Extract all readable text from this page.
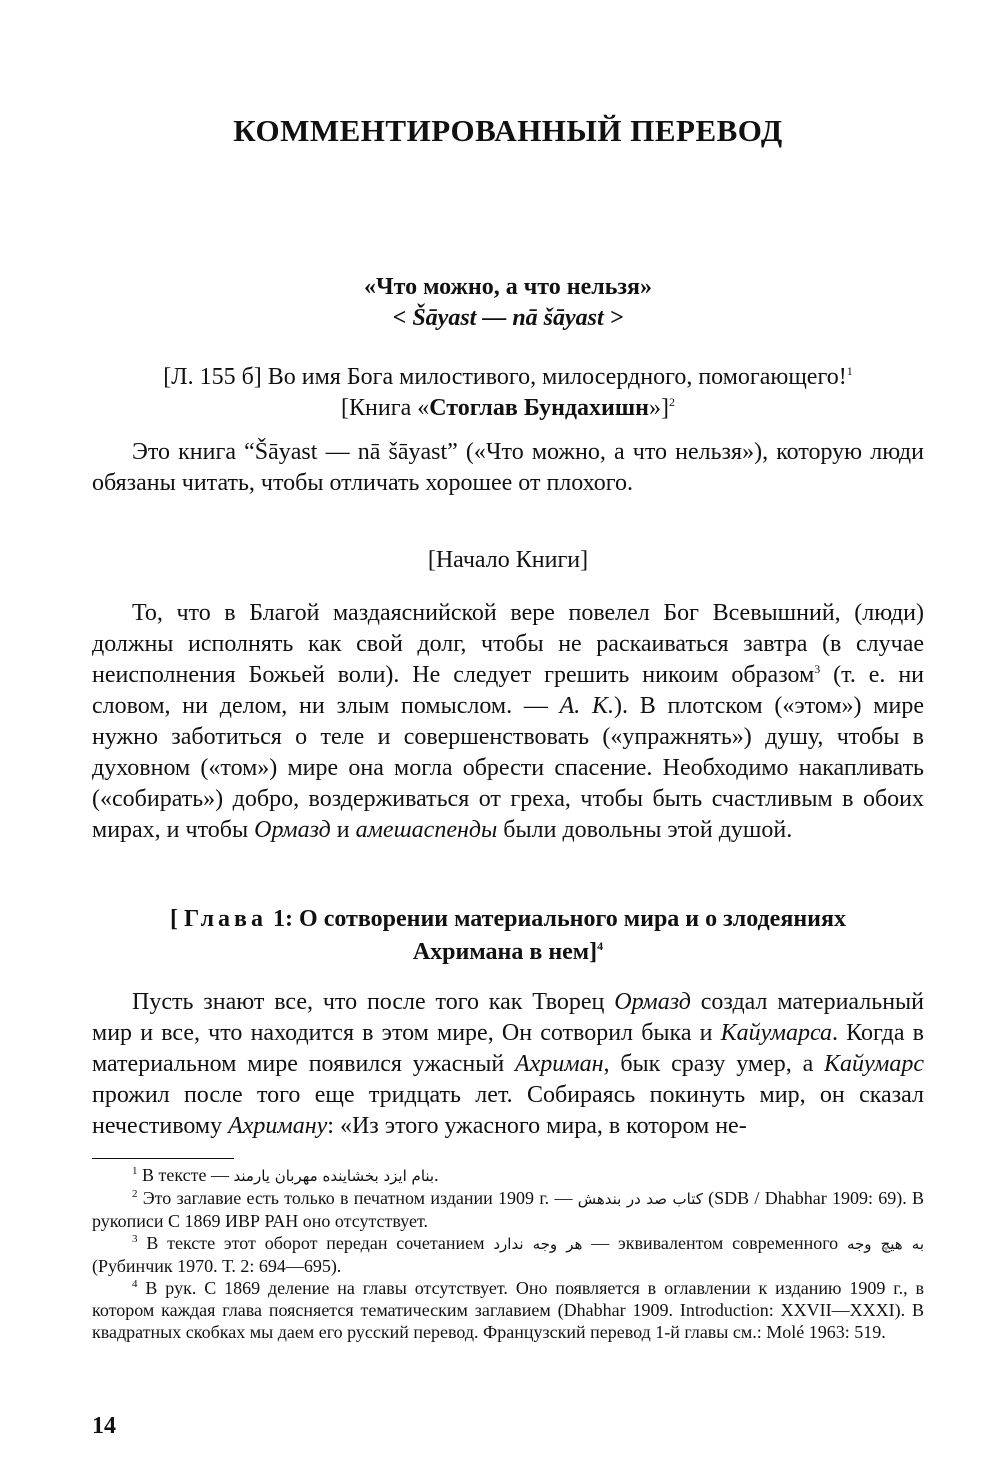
КОММЕНТИРОВАННЫЙ ПЕРЕВОД
«Что можно, а что нельзя»
< Šāyast — nā šāyast >
[Л. 155 б] Во имя Бога милостивого, милосердного, помогающего!$^1$
[Книга «Стоглав Бундахишн»]$^2$

Это книга “Šāyast — nā šāyast” («Что можно, а что нельзя»), которую люди обязаны читать, чтобы отличать хорошее от плохого.

[Начало Книги]

То, что в Благой маздаяснийской вере повелел Бог Всевышний, (люди) должны исполнять как свой долг, чтобы не раскаиваться завтра (в случае неисполнения Божьей воли). Не следует грешить никоим образом$^3$ (т. е. ни словом, ни делом, ни злым помыслом. — А. К.). В плотском («этом») мире нужно заботиться о теле и совершенствовать («упражнять») душу, чтобы в духовном («том») мире она могла обрести спасение. Необходимо накапливать («собирать») добро, воздерживаться от греха, чтобы быть счастливым в обоих мирах, и чтобы Ормазд и амешаспенды были довольны этой душой.

[ Глава 1: О сотворении материального мира и о злодеяниях
Ахримана в нем]$^4$

Пусть знают все, что после того как Творец Ормазд создал материальный мир и все, что находится в этом мире, Он сотворил быка и Кайумарса. Когда в материальном мире появился ужасный Ахриман, бык сразу умер, а Кайумарс прожил после того еще тридцать лет. Собираясь покинуть мир, он сказал нечестивому Ахриману: «Из этого ужасного мира, в котором не-

$^1$ В тексте — بنام ایزد بخشاینده مهربان یارمند.

$^2$ Это заглавие есть только в печатном издании 1909 г. — کتاب صد در بندهش (SDB / Dhabhar 1909: 69). В рукописи С 1869 ИВР РАН оно отсутствует.

$^3$ В тексте этот оборот передан сочетанием هر وجه ندارد — эквивалентом современного به هیچ وجه (Рубинчик 1970. Т. 2: 694—695).

$^4$ В рук. С 1869 деление на главы отсутствует. Оно появляется в оглавлении к изданию 1909 г., в котором каждая глава поясняется тематическим заглавием (Dhabhar 1909. Introduction: XXVII—XXXI). В квадратных скобках мы даем его русский перевод. Французский перевод 1-й главы см.: Molé 1963: 519.

14
